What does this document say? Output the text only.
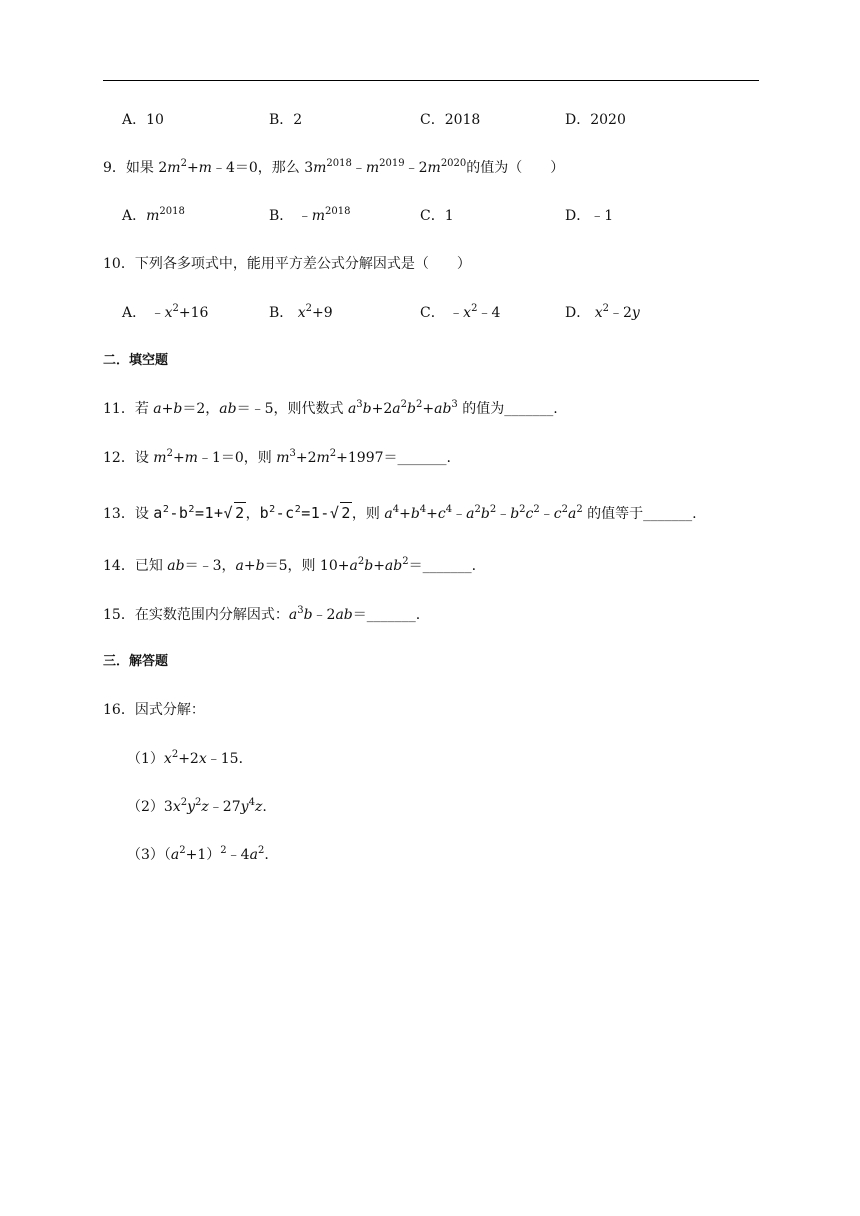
A．10	B．2	C．2018	D．2020
9．如果 $2m^2+m﹣4=0$，那么 $3m^{2018}﹣m^{2019}﹣2m^{2020}$的值为（　　）
A．$m^{2018}$	B． $﹣m^{2018}$	C．1	D．﹣1
10．下列各多项式中，能用平方差公式分解因式是（　　）
A． $﹣x^2+16$	B． $x^2+9$	C． $﹣x^2﹣4$	D． $x^2﹣2y$
二．填空题
11．若 a+b＝2，ab＝﹣5，则代数式 $a^3b+2a^2b^2+ab^3$ 的值为_______.
12．设 $m^2+m﹣1=0$，则 $m^3+2m^2+1997=\_\_\_\_\_\_\_$.
13．设 $a^2-b^2=1+√$ 2，$b^2-c^2=1-√$ 2，则 $a^4+b^4+c^4﹣a^2b^2﹣b^2c^2﹣c^2a^2$ 的值等于_______.
14．已知 ab＝﹣3，a+b＝5，则 $10+a^2b+ab^2=\_\_\_\_\_\_\_$.
15．在实数范围内分解因式：$a^3b﹣2ab=\_\_\_\_\_\_\_$.
三．解答题
16．因式分解：
$(1)x^2+2x﹣15$．
$(2)3x^2y^2z﹣27y^4z$.
$(3)(a^2+1)^2﹣4a^2$.
